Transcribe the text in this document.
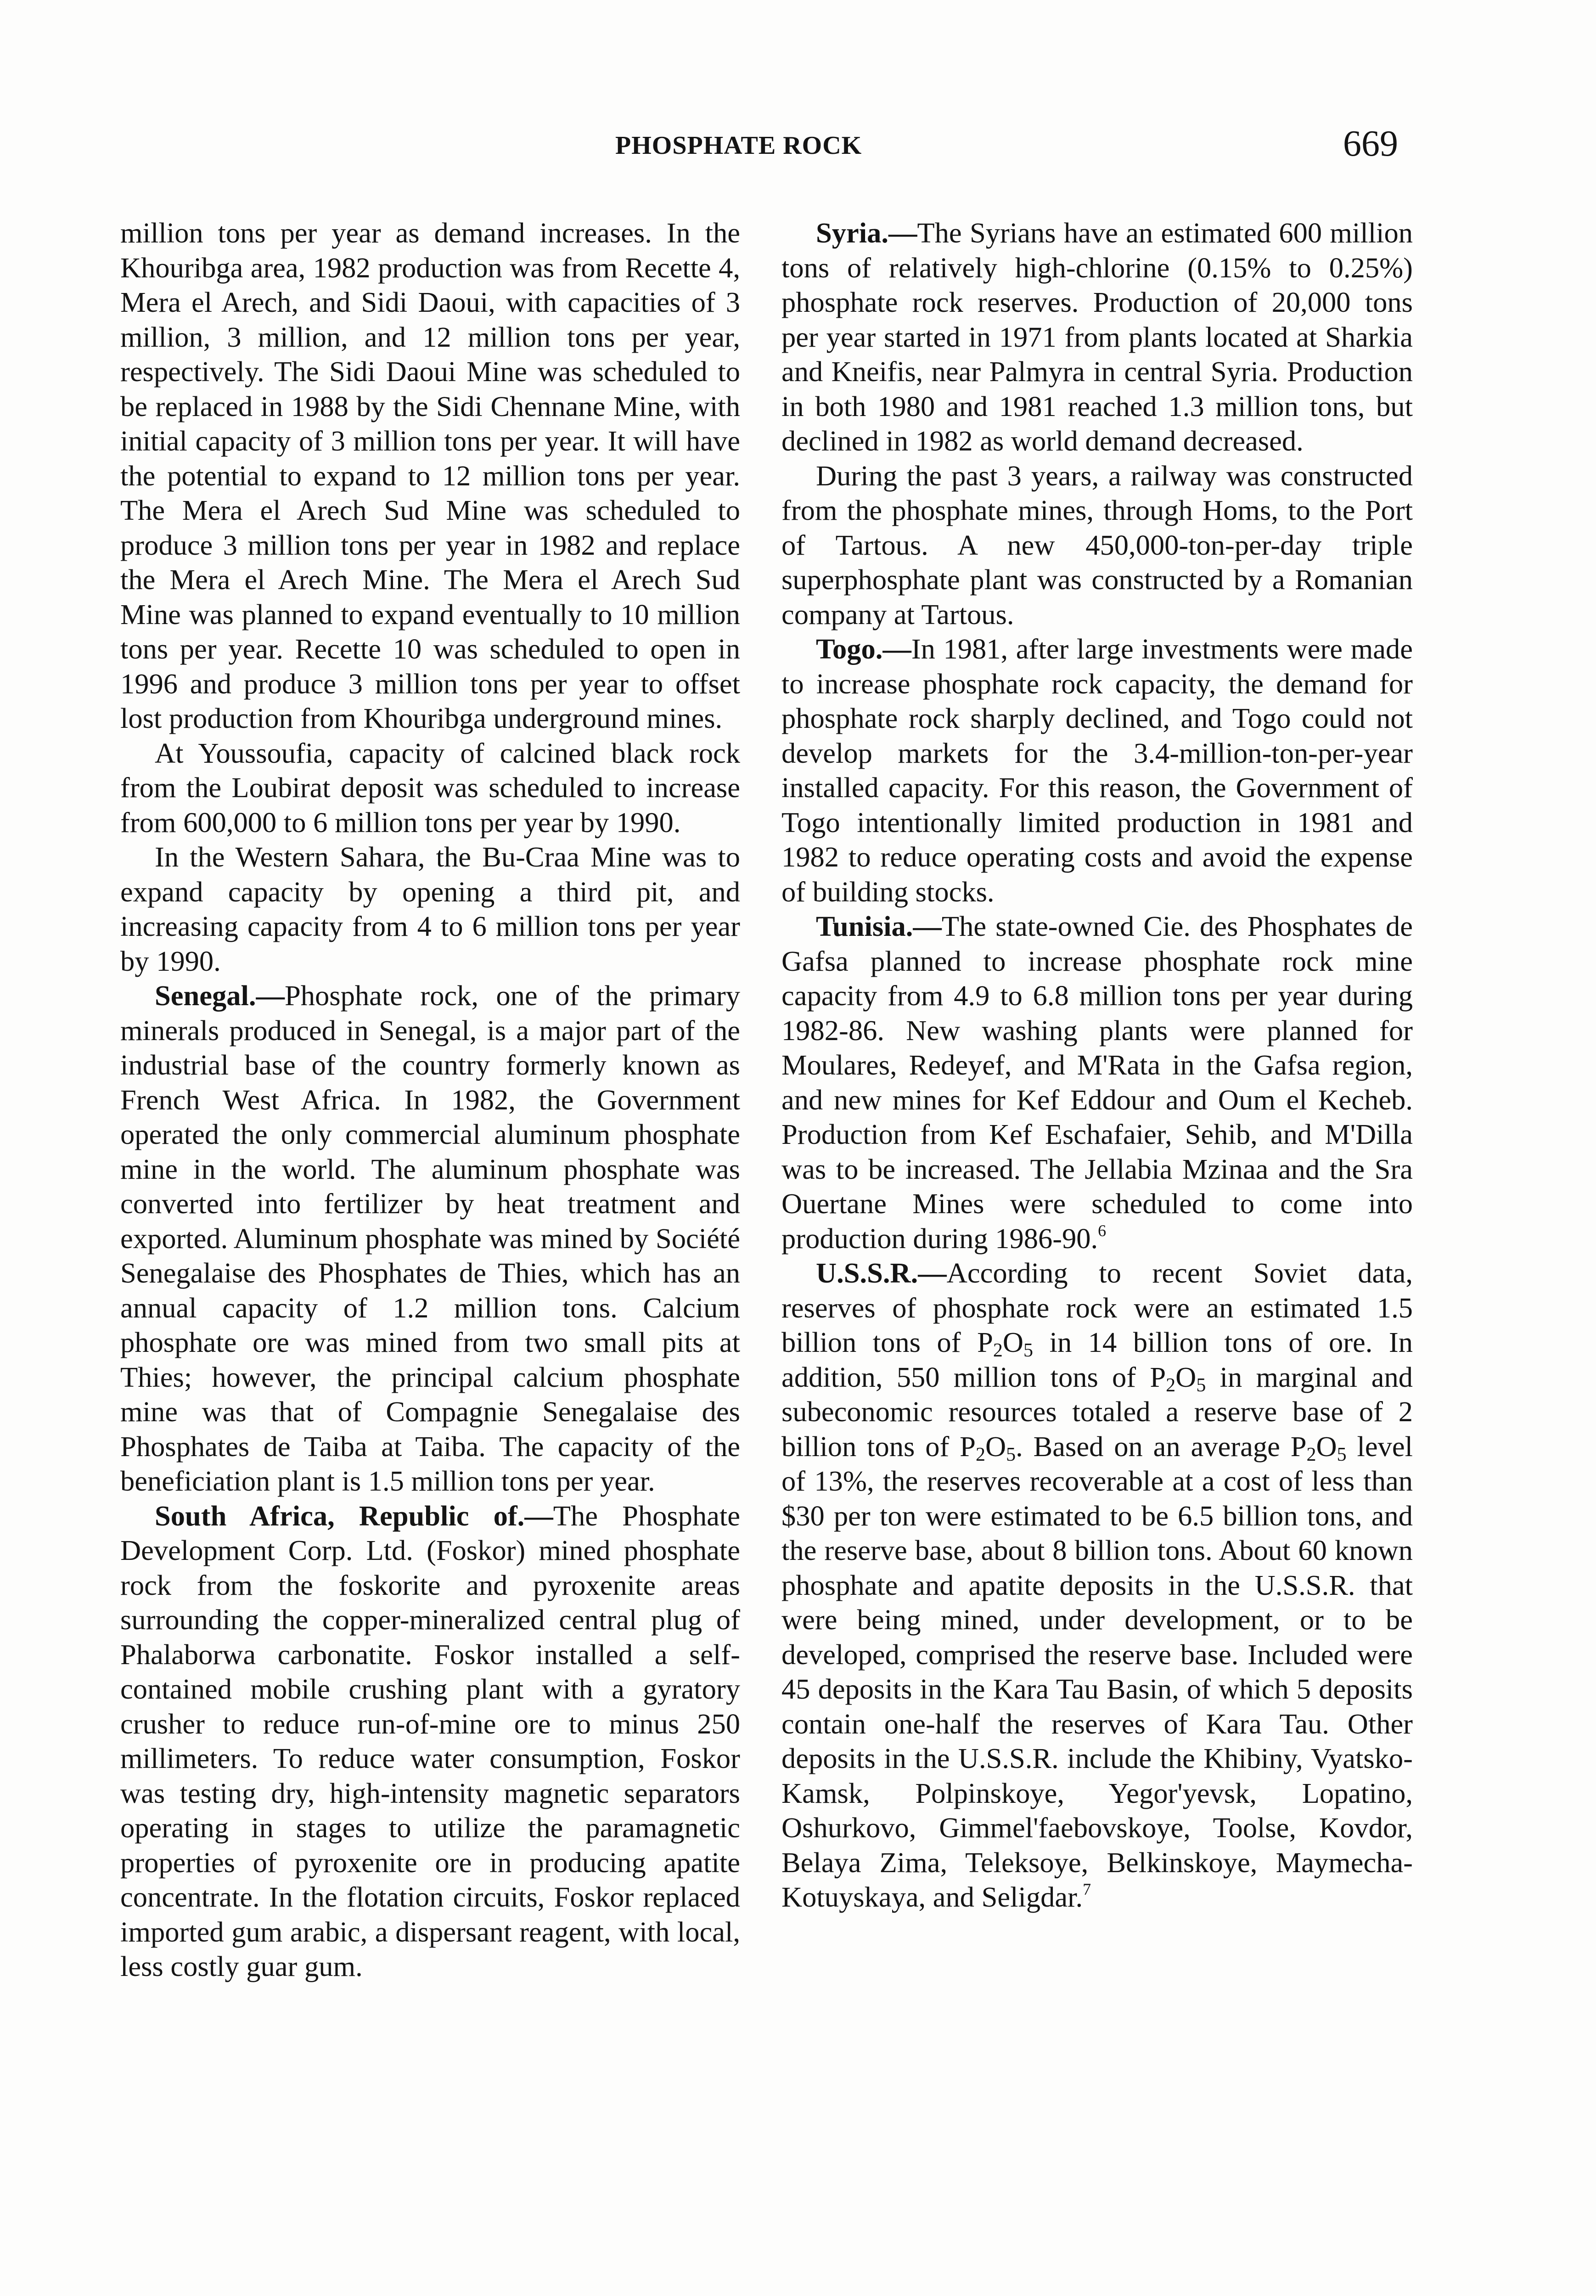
PHOSPHATE ROCK	669

million tons per year as demand increases. In the Khouribga area, 1982 production was from Recette 4, Mera el Arech, and Sidi Daoui, with capacities of 3 million, 3 million, and 12 million tons per year, respectively. The Sidi Daoui Mine was scheduled to be replaced in 1988 by the Sidi Chennane Mine, with initial capacity of 3 million tons per year. It will have the potential to expand to 12 million tons per year. The Mera el Arech Sud Mine was scheduled to produce 3 million tons per year in 1982 and replace the Mera el Arech Mine. The Mera el Arech Sud Mine was planned to expand eventually to 10 million tons per year. Recette 10 was scheduled to open in 1996 and produce 3 million tons per year to offset lost production from Khouribga underground mines.

At Youssoufia, capacity of calcined black rock from the Loubirat deposit was scheduled to increase from 600,000 to 6 million tons per year by 1990.

In the Western Sahara, the Bu-Craa Mine was to expand capacity by opening a third pit, and increasing capacity from 4 to 6 million tons per year by 1990.

Senegal.—Phosphate rock, one of the primary minerals produced in Senegal, is a major part of the industrial base of the country formerly known as French West Africa. In 1982, the Government operated the only commercial aluminum phosphate mine in the world. The aluminum phosphate was converted into fertilizer by heat treatment and exported. Aluminum phosphate was mined by Société Senegalaise des Phosphates de Thies, which has an annual capacity of 1.2 million tons. Calcium phosphate ore was mined from two small pits at Thies; however, the principal calcium phosphate mine was that of Compagnie Senegalaise des Phosphates de Taiba at Taiba. The capacity of the beneficiation plant is 1.5 million tons per year.

South Africa, Republic of.—The Phosphate Development Corp. Ltd. (Foskor) mined phosphate rock from the foskorite and pyroxenite areas surrounding the copper-mineralized central plug of Phalaborwa carbonatite. Foskor installed a self-contained mobile crushing plant with a gyratory crusher to reduce run-of-mine ore to minus 250 millimeters. To reduce water consumption, Foskor was testing dry, high-intensity magnetic separators operating in stages to utilize the paramagnetic properties of pyroxenite ore in producing apatite concentrate. In the flotation circuits, Foskor replaced imported gum arabic, a dispersant reagent, with local, less costly guar gum.

Syria.—The Syrians have an estimated 600 million tons of relatively high-chlorine (0.15% to 0.25%) phosphate rock reserves. Production of 20,000 tons per year started in 1971 from plants located at Sharkia and Kneifis, near Palmyra in central Syria. Production in both 1980 and 1981 reached 1.3 million tons, but declined in 1982 as world demand decreased.

During the past 3 years, a railway was constructed from the phosphate mines, through Homs, to the Port of Tartous. A new 450,000-ton-per-day triple superphosphate plant was constructed by a Romanian company at Tartous.

Togo.—In 1981, after large investments were made to increase phosphate rock capacity, the demand for phosphate rock sharply declined, and Togo could not develop markets for the 3.4-million-ton-per-year installed capacity. For this reason, the Government of Togo intentionally limited production in 1981 and 1982 to reduce operating costs and avoid the expense of building stocks.

Tunisia.—The state-owned Cie. des Phosphates de Gafsa planned to increase phosphate rock mine capacity from 4.9 to 6.8 million tons per year during 1982-86. New washing plants were planned for Moulares, Redeyef, and M'Rata in the Gafsa region, and new mines for Kef Eddour and Oum el Kecheb. Production from Kef Eschafaier, Sehib, and M'Dilla was to be increased. The Jellabia Mzinaa and the Sra Ouertane Mines were scheduled to come into production during 1986-90.$^6$

U.S.S.R.—According to recent Soviet data, reserves of phosphate rock were an estimated 1.5 billion tons of $P_2O_5$ in 14 billion tons of ore. In addition, 550 million tons of $P_2O_5$ in marginal and subeconomic resources totaled a reserve base of 2 billion tons of $P_2O_5$. Based on an average $P_2O_5$ level of 13%, the reserves recoverable at a cost of less than $30 per ton were estimated to be 6.5 billion tons, and the reserve base, about 8 billion tons. About 60 known phosphate and apatite deposits in the U.S.S.R. that were being mined, under development, or to be developed, comprised the reserve base. Included were 45 deposits in the Kara Tau Basin, of which 5 deposits contain one-half the reserves of Kara Tau. Other deposits in the U.S.S.R. include the Khibiny, Vyatsko-Kamsk, Polpinskoye, Yegor'yevsk, Lopatino, Oshurkovo, Gimmel'faebovskoye, Toolse, Kovdor, Belaya Zima, Teleksoye, Belkinskoye, Maymecha-Kotuyskaya, and Seligdar.$^7$
